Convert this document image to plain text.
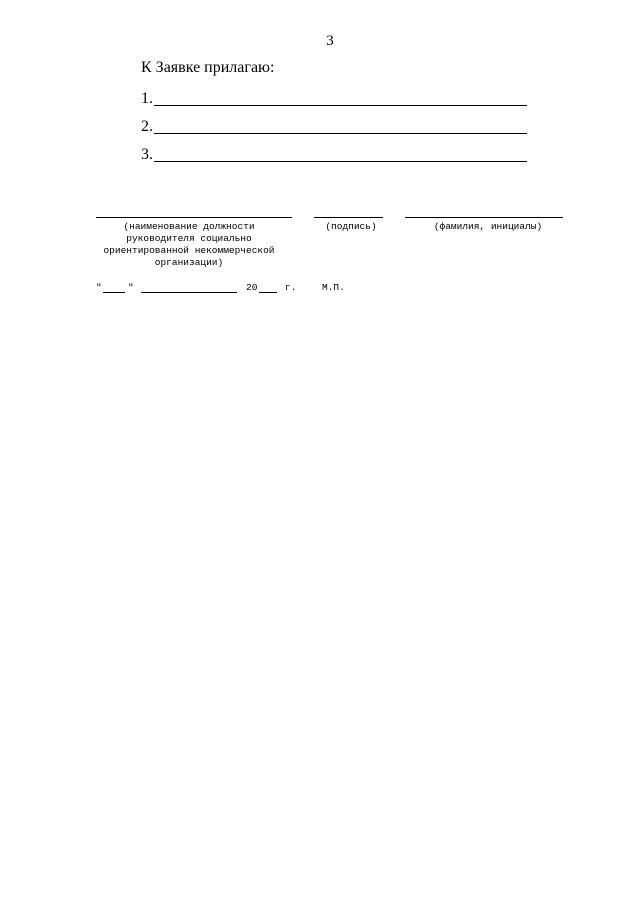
3
К Заявке прилагаю:
1.
2.
3.
(наименование должности руководителя социально ориентированной некоммерческой организации)
(подпись)	(фамилия, инициалы)
"	"	20	г.	М.П.
